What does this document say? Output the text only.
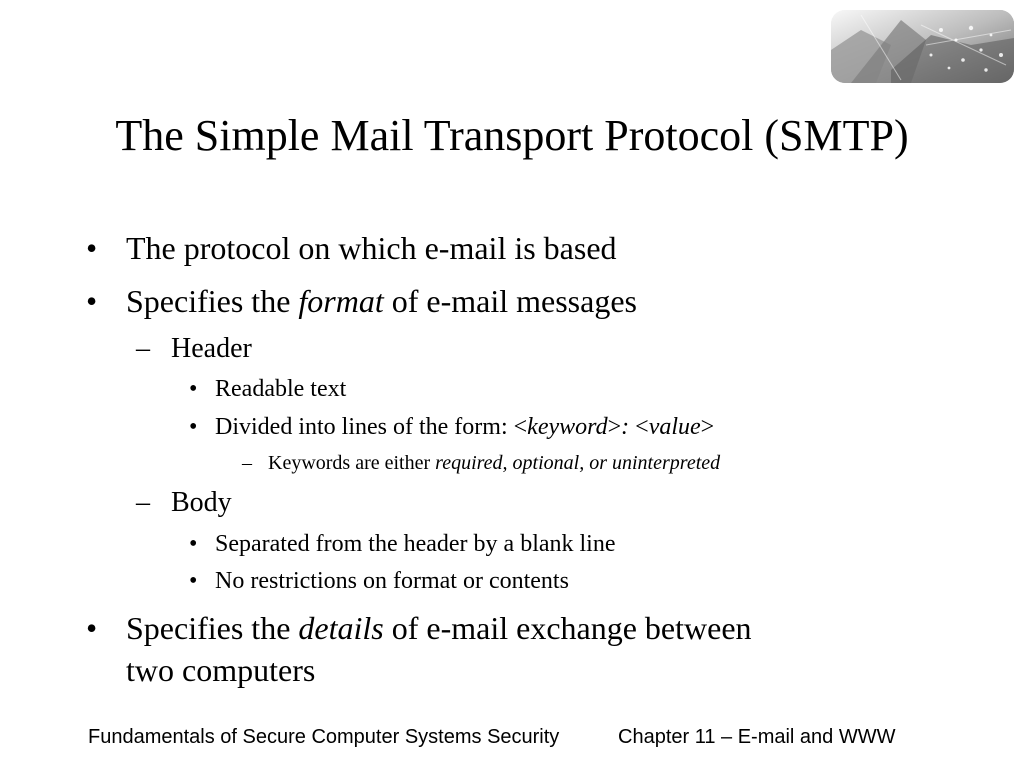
The Simple Mail Transport Protocol (SMTP)
• The protocol on which e-mail is based
• Specifies the format of e-mail messages
– Header
• Readable text
• Divided into lines of the form: <keyword>: <value>
– Keywords are either required, optional, or uninterpreted
– Body
• Separated from the header by a blank line
• No restrictions on format or contents
• Specifies the details of e-mail exchange between
two computers
Fundamentals of Secure Computer Systems Security	Chapter 11 – E-mail and WWW
